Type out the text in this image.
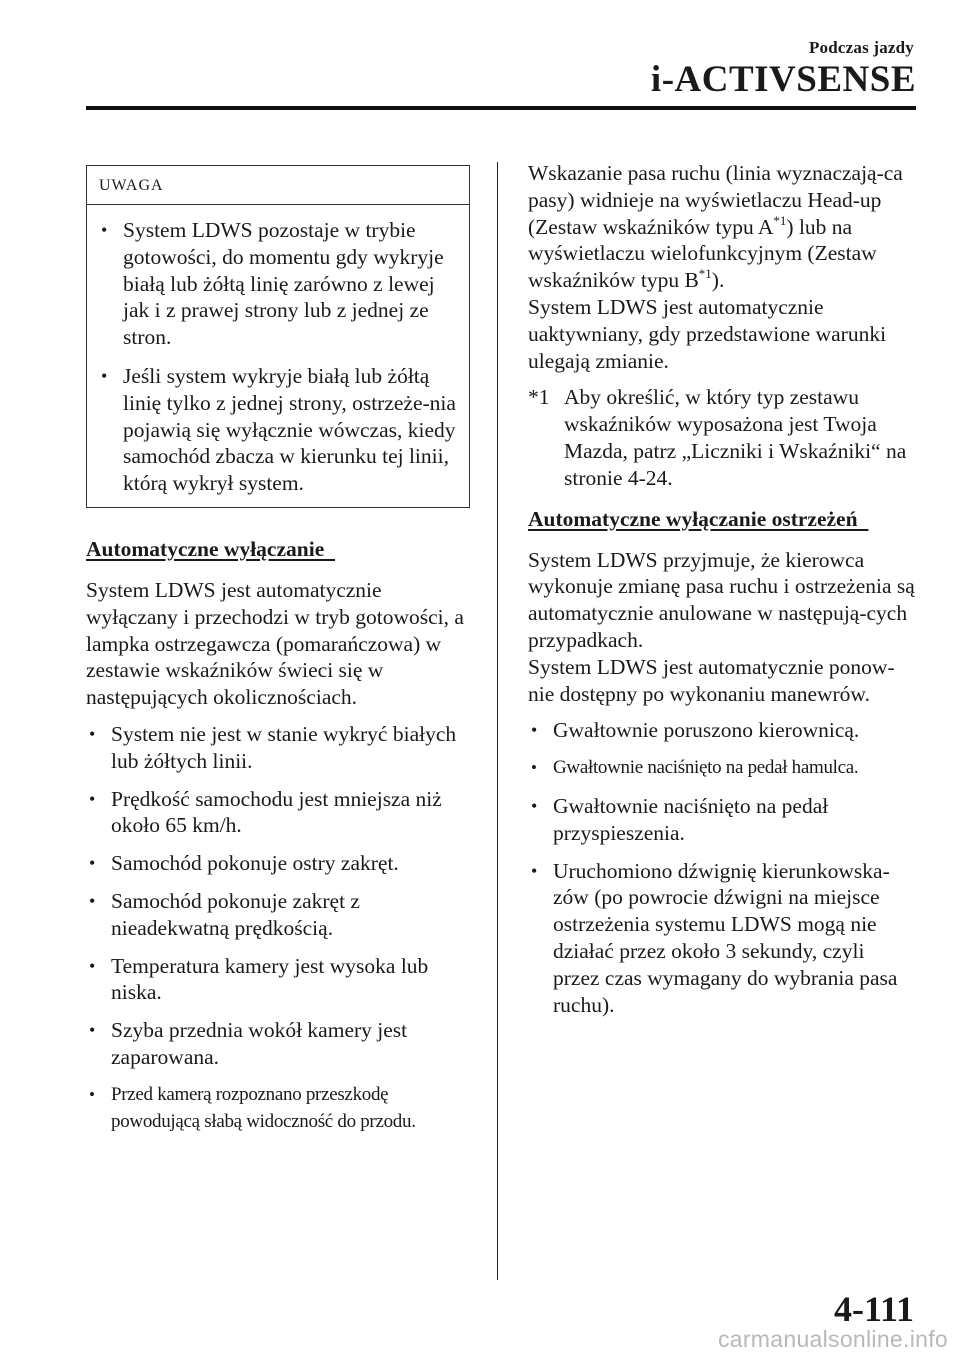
Podczas jazdy
i-ACTIVSENSE
UWAGA
• System LDWS pozostaje w trybie gotowości, do momentu gdy wykryje białą lub żółtą linię zarówno z lewej jak i z prawej strony lub z jednej ze stron.
• Jeśli system wykryje białą lub żółtą linię tylko z jednej strony, ostrzeże-nia pojawią się wyłącznie wówczas, kiedy samochód zbacza w kierunku tej linii, którą wykrył system.
Automatyczne wyłączanie

System LDWS jest automatycznie wyłączany i przechodzi w tryb gotowości, a lampka ostrzegawcza (pomarańczowa) w zestawie wskaźników świeci się w następujących okolicznościach.

• System nie jest w stanie wykryć białych lub żółtych linii.
• Prędkość samochodu jest mniejsza niż około 65 km/h.
• Samochód pokonuje ostry zakręt.
• Samochód pokonuje zakręt z nieadekwatną prędkością.
• Temperatura kamery jest wysoka lub niska.
• Szyba przednia wokół kamery jest zaparowana.
• Przed kamerą rozpoznano przeszkodę powodującą słabą widoczność do przodu.

Wskazanie pasa ruchu (linia wyznaczają-ca pasy) widnieje na wyświetlaczu Head-up (Zestaw wskaźników typu $A^{*1}$) lub na wyświetlaczu wielofunkcyjnym (Zestaw wskaźników typu $B^{*1}$).

System LDWS jest automatycznie uaktywniany, gdy przedstawione warunki ulegają zmianie.

*1 Aby określić, w który typ zestawu wskaźników wyposażona jest Twoja Mazda, patrz „Liczniki i Wskaźniki“ na stronie 4-24.
Automatyczne wyłączanie ostrzeżeń

System LDWS przyjmuje, że kierowca wykonuje zmianę pasa ruchu i ostrzeżenia są automatycznie anulowane w następują-cych przypadkach.

System LDWS jest automatycznie ponow-nie dostępny po wykonaniu manewrów.

• Gwałtownie poruszono kierownicą.
• Gwałtownie naciśnięto na pedał hamulca.
• Gwałtownie naciśnięto na pedał przyspieszenia.
• Uruchomiono dźwignię kierunkowska-zów (po powrocie dźwigni na miejsce ostrzeżenia systemu LDWS mogą nie działać przez około 3 sekundy, czyli przez czas wymagany do wybrania pasa ruchu).
4-111
carmanualsonline.info
